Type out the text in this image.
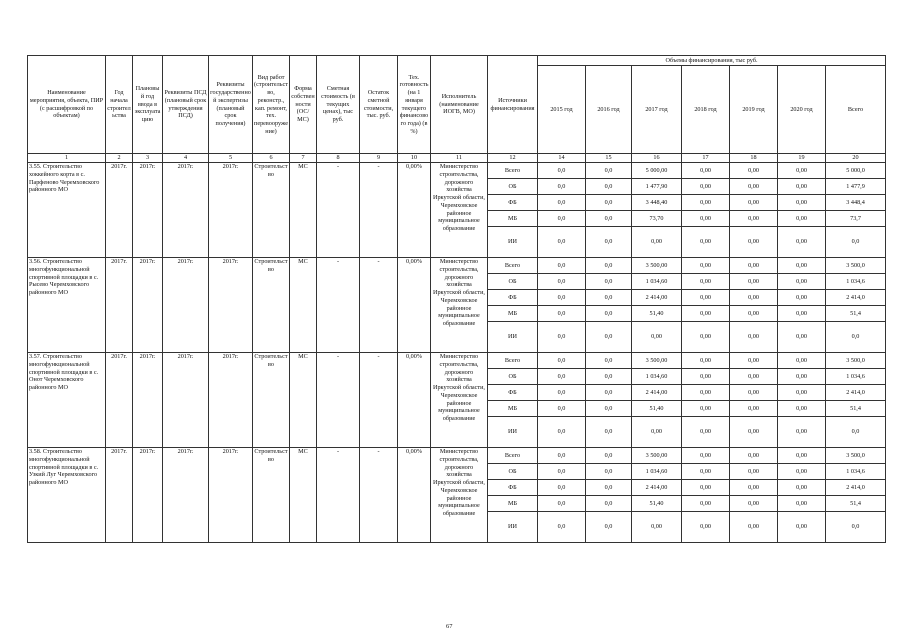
Наименование мероприятия, объекта, ПИР (с расшифровкой по объектам)	Год начала строительства	Плановый год ввода в эксплуатацию	Реквизиты ПСД (плановый срок утверждения ПСД)	Реквизиты государственной экспертизы (плановый срок получения)	Вид работ (строительство, реконстр., кап. ремонт, тех. перевооружение)	Форма собственности (ОС/МС)	Сметная стоимость (в текущих ценах), тыс руб.	Остаток сметной стоимости, тыс. руб.	Тех. готовность (на 1 января текущего финансового года) (в %)	Исполнитель (наименование ИОГВ, МО)	Источники финансирования	Объемы финансирования, тыс руб.						
												2015 год	2016 год	2017 год	2018 год	2019 год	2020 год	Всего
1	2	3	4	5	6	7	8	9	10	11	12	14	15	16	17	18	19	20
3.55. Строительство хоккейного корта в с. Парфеново Черемховского районного МО	2017г.	2017г.	2017г.	2017г.	Строительство	МС	-	-	0,00%	Министерство строительства, дорожного хозяйства Иркутской области, Черемховское районное муниципальное образование	Всего	0,0	0,0	5 000,00	0,00	0,00	0,00	5 000,0
											ОБ	0,0	0,0	1 477,90	0,00	0,00	0,00	1 477,9
											ФБ	0,0	0,0	3 448,40	0,00	0,00	0,00	3 448,4
											МБ	0,0	0,0	73,70	0,00	0,00	0,00	73,7
											ИИ	0,0	0,0	0,00	0,00	0,00	0,00	0,0
3.56. Строительство многофункциональной спортивной площадки в с. Рысево Черемховского районного МО	2017г.	2017г.	2017г.	2017г.	Строительство	МС	-	-	0,00%	Министерство строительства, дорожного хозяйства Иркутской области, Черемховское районное муниципальное образование	Всего	0,0	0,0	3 500,00	0,00	0,00	0,00	3 500,0
											ОБ	0,0	0,0	1 034,60	0,00	0,00	0,00	1 034,6
											ФБ	0,0	0,0	2 414,00	0,00	0,00	0,00	2 414,0
											МБ	0,0	0,0	51,40	0,00	0,00	0,00	51,4
											ИИ	0,0	0,0	0,00	0,00	0,00	0,00	0,0
3.57. Строительство многофункциональной спортивной площадки в с. Онот Черемховского районного МО	2017г.	2017г.	2017г.	2017г.	Строительство	МС	-	-	0,00%	Министерство строительства, дорожного хозяйства Иркутской области, Черемховское районное муниципальное образование	Всего	0,0	0,0	3 500,00	0,00	0,00	0,00	3 500,0
											ОБ	0,0	0,0	1 034,60	0,00	0,00	0,00	1 034,6
											ФБ	0,0	0,0	2 414,00	0,00	0,00	0,00	2 414,0
											МБ	0,0	0,0	51,40	0,00	0,00	0,00	51,4
											ИИ	0,0	0,0	0,00	0,00	0,00	0,00	0,0
3.58. Строительство многофункциональной спортивной площадки в с. Узкий Луг Черемховского районного МО	2017г.	2017г.	2017г.	2017г.	Строительство	МС	-	-	0,00%	Министерство строительства, дорожного хозяйства Иркутской области, Черемховское районное муниципальное образование	Всего	0,0	0,0	3 500,00	0,00	0,00	0,00	3 500,0
											ОБ	0,0	0,0	1 034,60	0,00	0,00	0,00	1 034,6
											ФБ	0,0	0,0	2 414,00	0,00	0,00	0,00	2 414,0
											МБ	0,0	0,0	51,40	0,00	0,00	0,00	51,4
											ИИ	0,0	0,0	0,00	0,00	0,00	0,00	0,0
67
